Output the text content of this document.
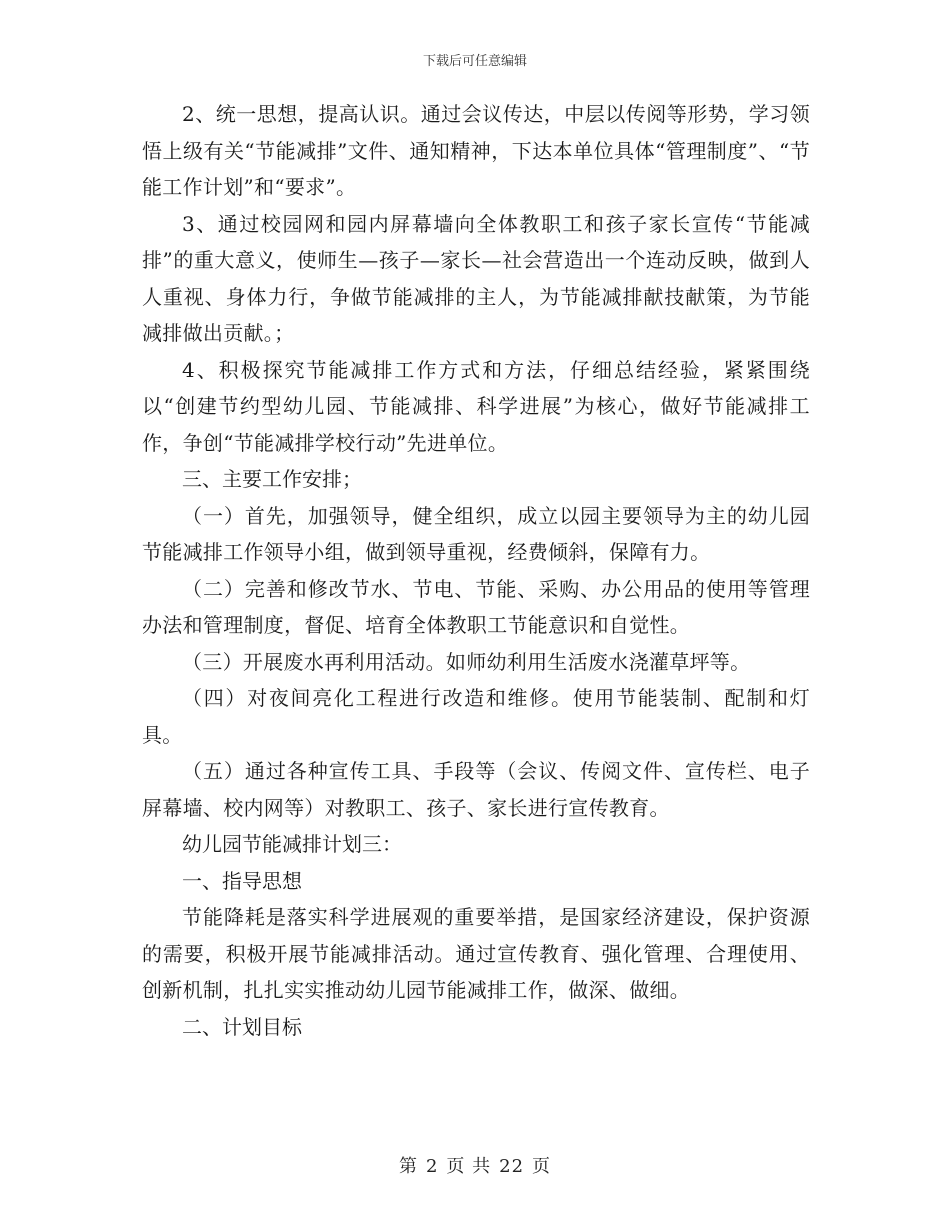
下载后可任意编辑

2、统一思想，提高认识。通过会议传达，中层以传阅等形势，学习领悟上级有关“节能减排”文件、通知精神，下达本单位具体“管理制度”、“节能工作计划”和“要求”。

3、通过校园网和园内屏幕墙向全体教职工和孩子家长宣传“节能减排”的重大意义，使师生—孩子—家长—社会营造出一个连动反映，做到人人重视、身体力行，争做节能减排的主人，为节能减排献技献策，为节能减排做出贡献。；

4、积极探究节能减排工作方式和方法，仔细总结经验，紧紧围绕以“创建节约型幼儿园、节能减排、科学进展”为核心，做好节能减排工作，争创“节能减排学校行动”先进单位。

三、主要工作安排；

（一）首先，加强领导，健全组织，成立以园主要领导为主的幼儿园节能减排工作领导小组，做到领导重视，经费倾斜，保障有力。

（二）完善和修改节水、节电、节能、采购、办公用品的使用等管理办法和管理制度，督促、培育全体教职工节能意识和自觉性。

（三）开展废水再利用活动。如师幼利用生活废水浇灌草坪等。

（四）对夜间亮化工程进行改造和维修。使用节能装制、配制和灯具。

（五）通过各种宣传工具、手段等（会议、传阅文件、宣传栏、电子屏幕墙、校内网等）对教职工、孩子、家长进行宣传教育。

幼儿园节能减排计划三：

一、指导思想

节能降耗是落实科学进展观的重要举措，是国家经济建设，保护资源的需要，积极开展节能减排活动。通过宣传教育、强化管理、合理使用、创新机制，扎扎实实推动幼儿园节能减排工作，做深、做细。

二、计划目标

第 2 页 共 22 页
